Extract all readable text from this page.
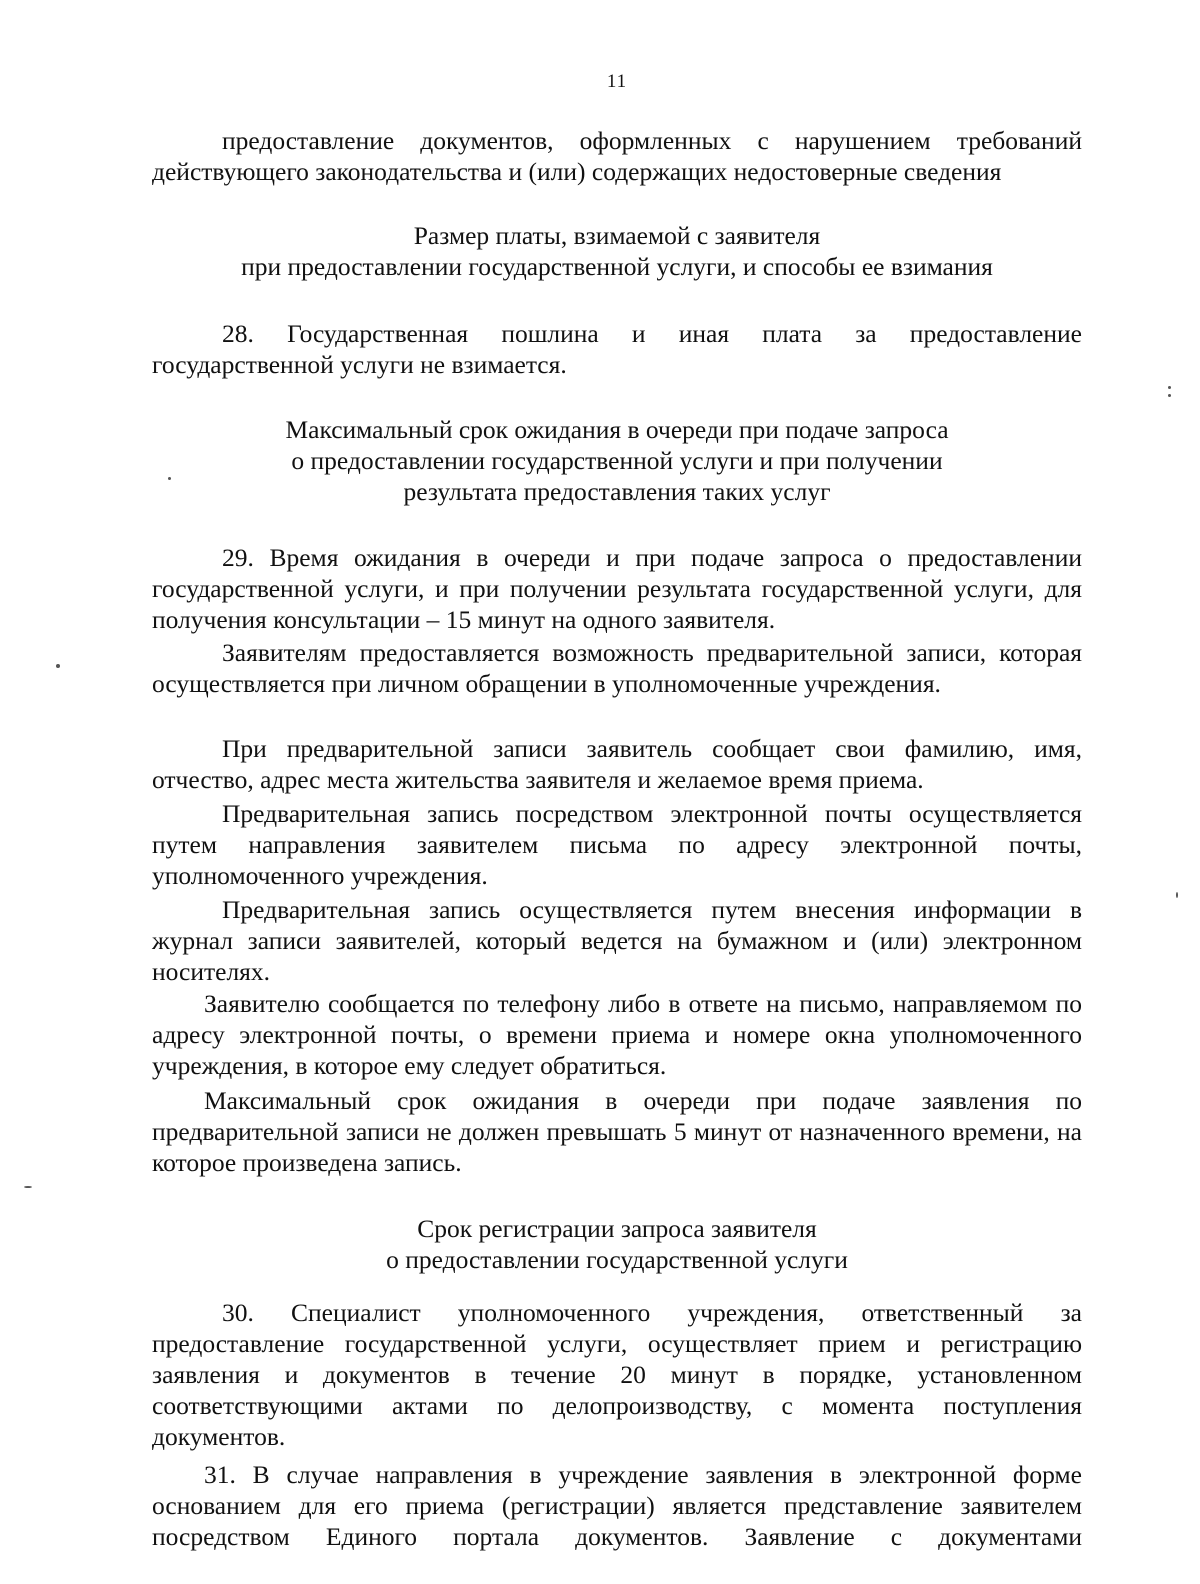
11

предоставление документов, оформленных с нарушением требований действующего законодательства и (или) содержащих недостоверные сведения

Размер платы, взимаемой с заявителя
при предоставлении государственной услуги, и способы ее взимания

28. Государственная пошлина и иная плата за предоставление государственной услуги не взимается.

Максимальный срок ожидания в очереди при подаче запроса
о предоставлении государственной услуги и при получении
результата предоставления таких услуг

29. Время ожидания в очереди и при подаче запроса о предоставлении государственной услуги, и при получении результата государственной услуги, для получения консультации – 15 минут на одного заявителя.

Заявителям предоставляется возможность предварительной записи, которая осуществляется при личном обращении в уполномоченные учреждения.

При предварительной записи заявитель сообщает свои фамилию, имя, отчество, адрес места жительства заявителя и желаемое время приема.

Предварительная запись посредством электронной почты осуществляется путем направления заявителем письма по адресу электронной почты, уполномоченного учреждения.

Предварительная запись осуществляется путем внесения информации в журнал записи заявителей, который ведется на бумажном и (или) электронном носителях.

Заявителю сообщается по телефону либо в ответе на письмо, направляемом по адресу электронной почты, о времени приема и номере окна уполномоченного учреждения, в которое ему следует обратиться.

Максимальный срок ожидания в очереди при подаче заявления по предварительной записи не должен превышать 5 минут от назначенного времени, на которое произведена запись.

Срок регистрации запроса заявителя
о предоставлении государственной услуги

30. Специалист уполномоченного учреждения, ответственный за предоставление государственной услуги, осуществляет прием и регистрацию заявления и документов в течение 20 минут в порядке, установленном соответствующими актами по делопроизводству, с момента поступления документов.

31. В случае направления в учреждение заявления в электронной форме основанием для его приема (регистрации) является представление заявителем посредством Единого портала документов. Заявление с документами
